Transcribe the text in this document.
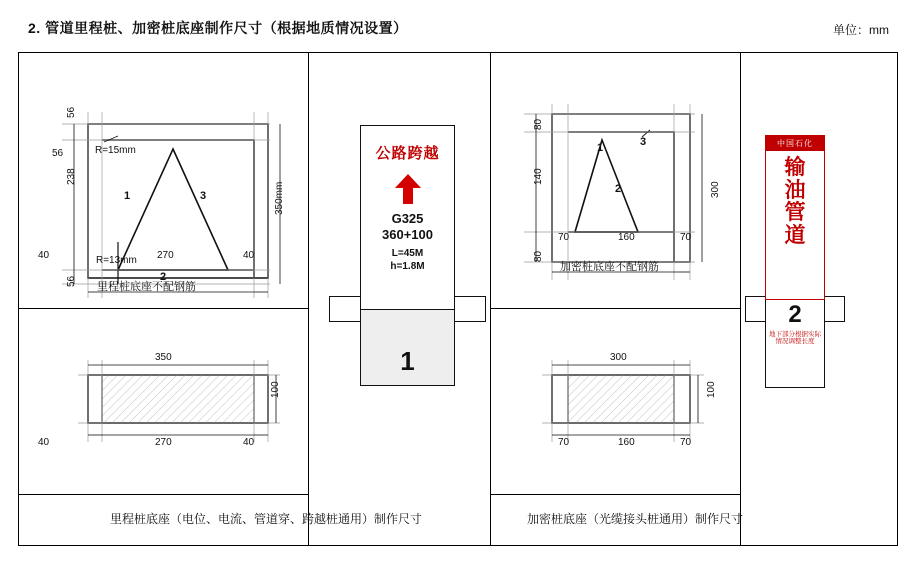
2. 管道里程桩、加密桩底座制作尺寸（根据地质情况设置）	单位：mm
56
56
238
56
350mm
R=15mm
R=13mm
1	3
2
40	270	40
里程桩底座不配钢筋
80
140
80
300
1	3
2
70	160	70
加密桩底座不配钢筋
350
100
40	270	40
300
100
70	160	70
1
公路跨越
G325
360+100
L=45M
h=1.8M
2
地下部分根据实际情况调整长度
中国石化
输
油
管
道
里程桩底座（电位、电流、管道穿、跨越桩通用）制作尺寸	加密桩底座（光缆接头桩通用）制作尺寸
